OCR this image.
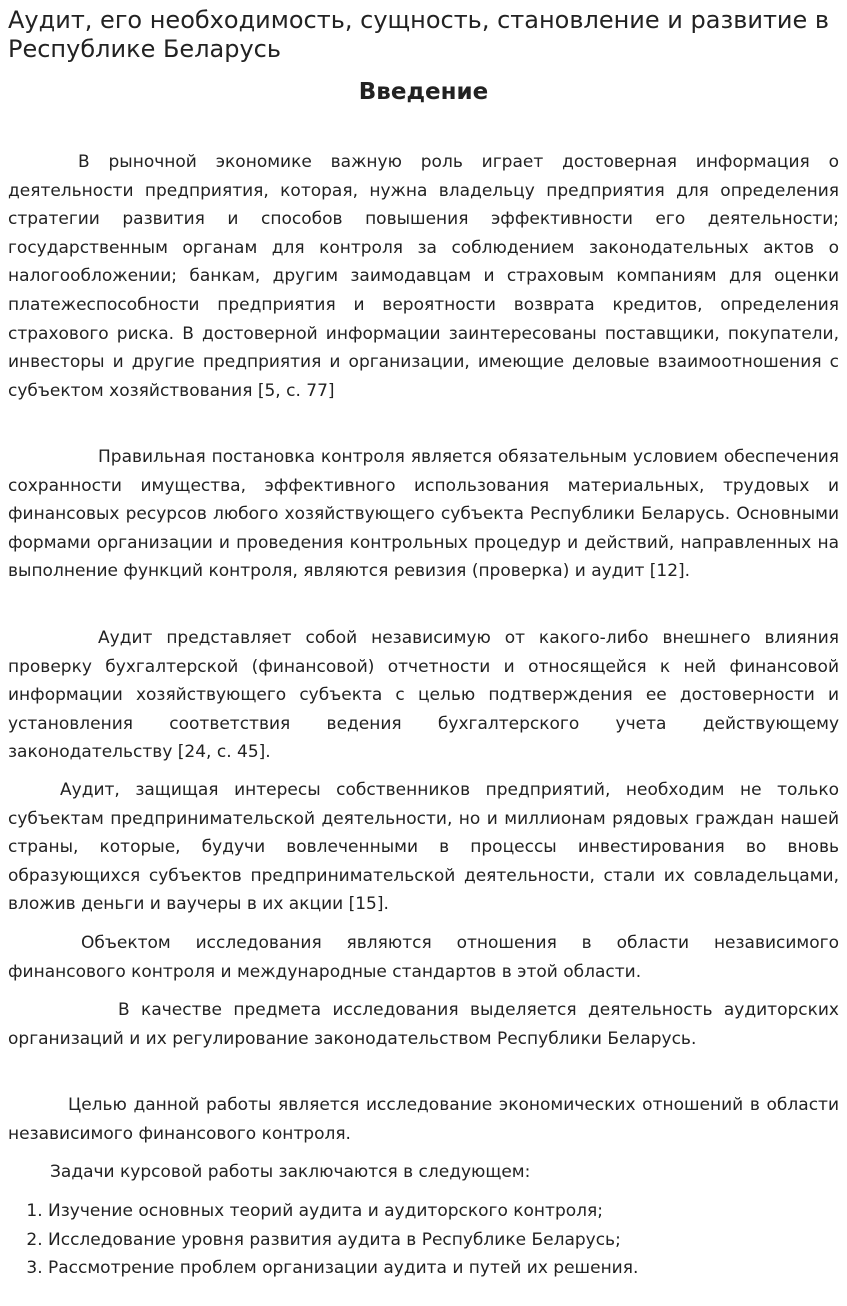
Аудит, его необходимость, сущность, становление и развитие в Республике Беларусь
Введение

В рыночной экономике важную роль играет достоверная информация о деятельности предприятия, которая, нужна владельцу предприятия для определения стратегии развития и способов повышения эффективности его деятельности; государственным органам для контроля за соблюдением законодательных актов о налогообложении; банкам, другим заимодавцам и страховым компаниям для оценки платежеспособности предприятия и вероятности возврата кредитов, определения страхового риска. В достоверной информации заинтересованы поставщики, покупатели, инвесторы и другие предприятия и организации, имеющие деловые взаимоотношения с субъектом хозяйствования [5, с. 77]

Правильная постановка контроля является обязательным условием обеспечения сохранности имущества, эффективного использования материальных, трудовых и финансовых ресурсов любого хозяйствующего субъекта Республики Беларусь. Основными формами организации и проведения контрольных процедур и действий, направленных на выполнение функций контроля, являются ревизия (проверка) и аудит [12].

Аудит представляет собой независимую от какого-либо внешнего влияния проверку бухгалтерской (финансовой) отчетности и относящейся к ней финансовой информации хозяйствующего субъекта с целью подтверждения ее достоверности и установления соответствия ведения бухгалтерского учета действующему законодательству [24, с. 45].

Аудит, защищая интересы собственников предприятий, необходим не только субъектам предпринимательской деятельности, но и миллионам рядовых граждан нашей страны, которые, будучи вовлеченными в процессы инвестирования во вновь образующихся субъектов предпринимательской деятельности, стали их совладельцами, вложив деньги и ваучеры в их акции [15].

Объектом исследования являются отношения в области независимого финансового контроля и международные стандартов в этой области.

В качестве предмета исследования выделяется деятельность аудиторских организаций и их регулирование законодательством Республики Беларусь.

Целью данной работы является исследование экономических отношений в области независимого финансового контроля.

Задачи курсовой работы заключаются в следующем:

1. Изучение основных теорий аудита и аудиторского контроля;
2. Исследование уровня развития аудита в Республике Беларусь;
3. Рассмотрение проблем организации аудита и путей их решения.
